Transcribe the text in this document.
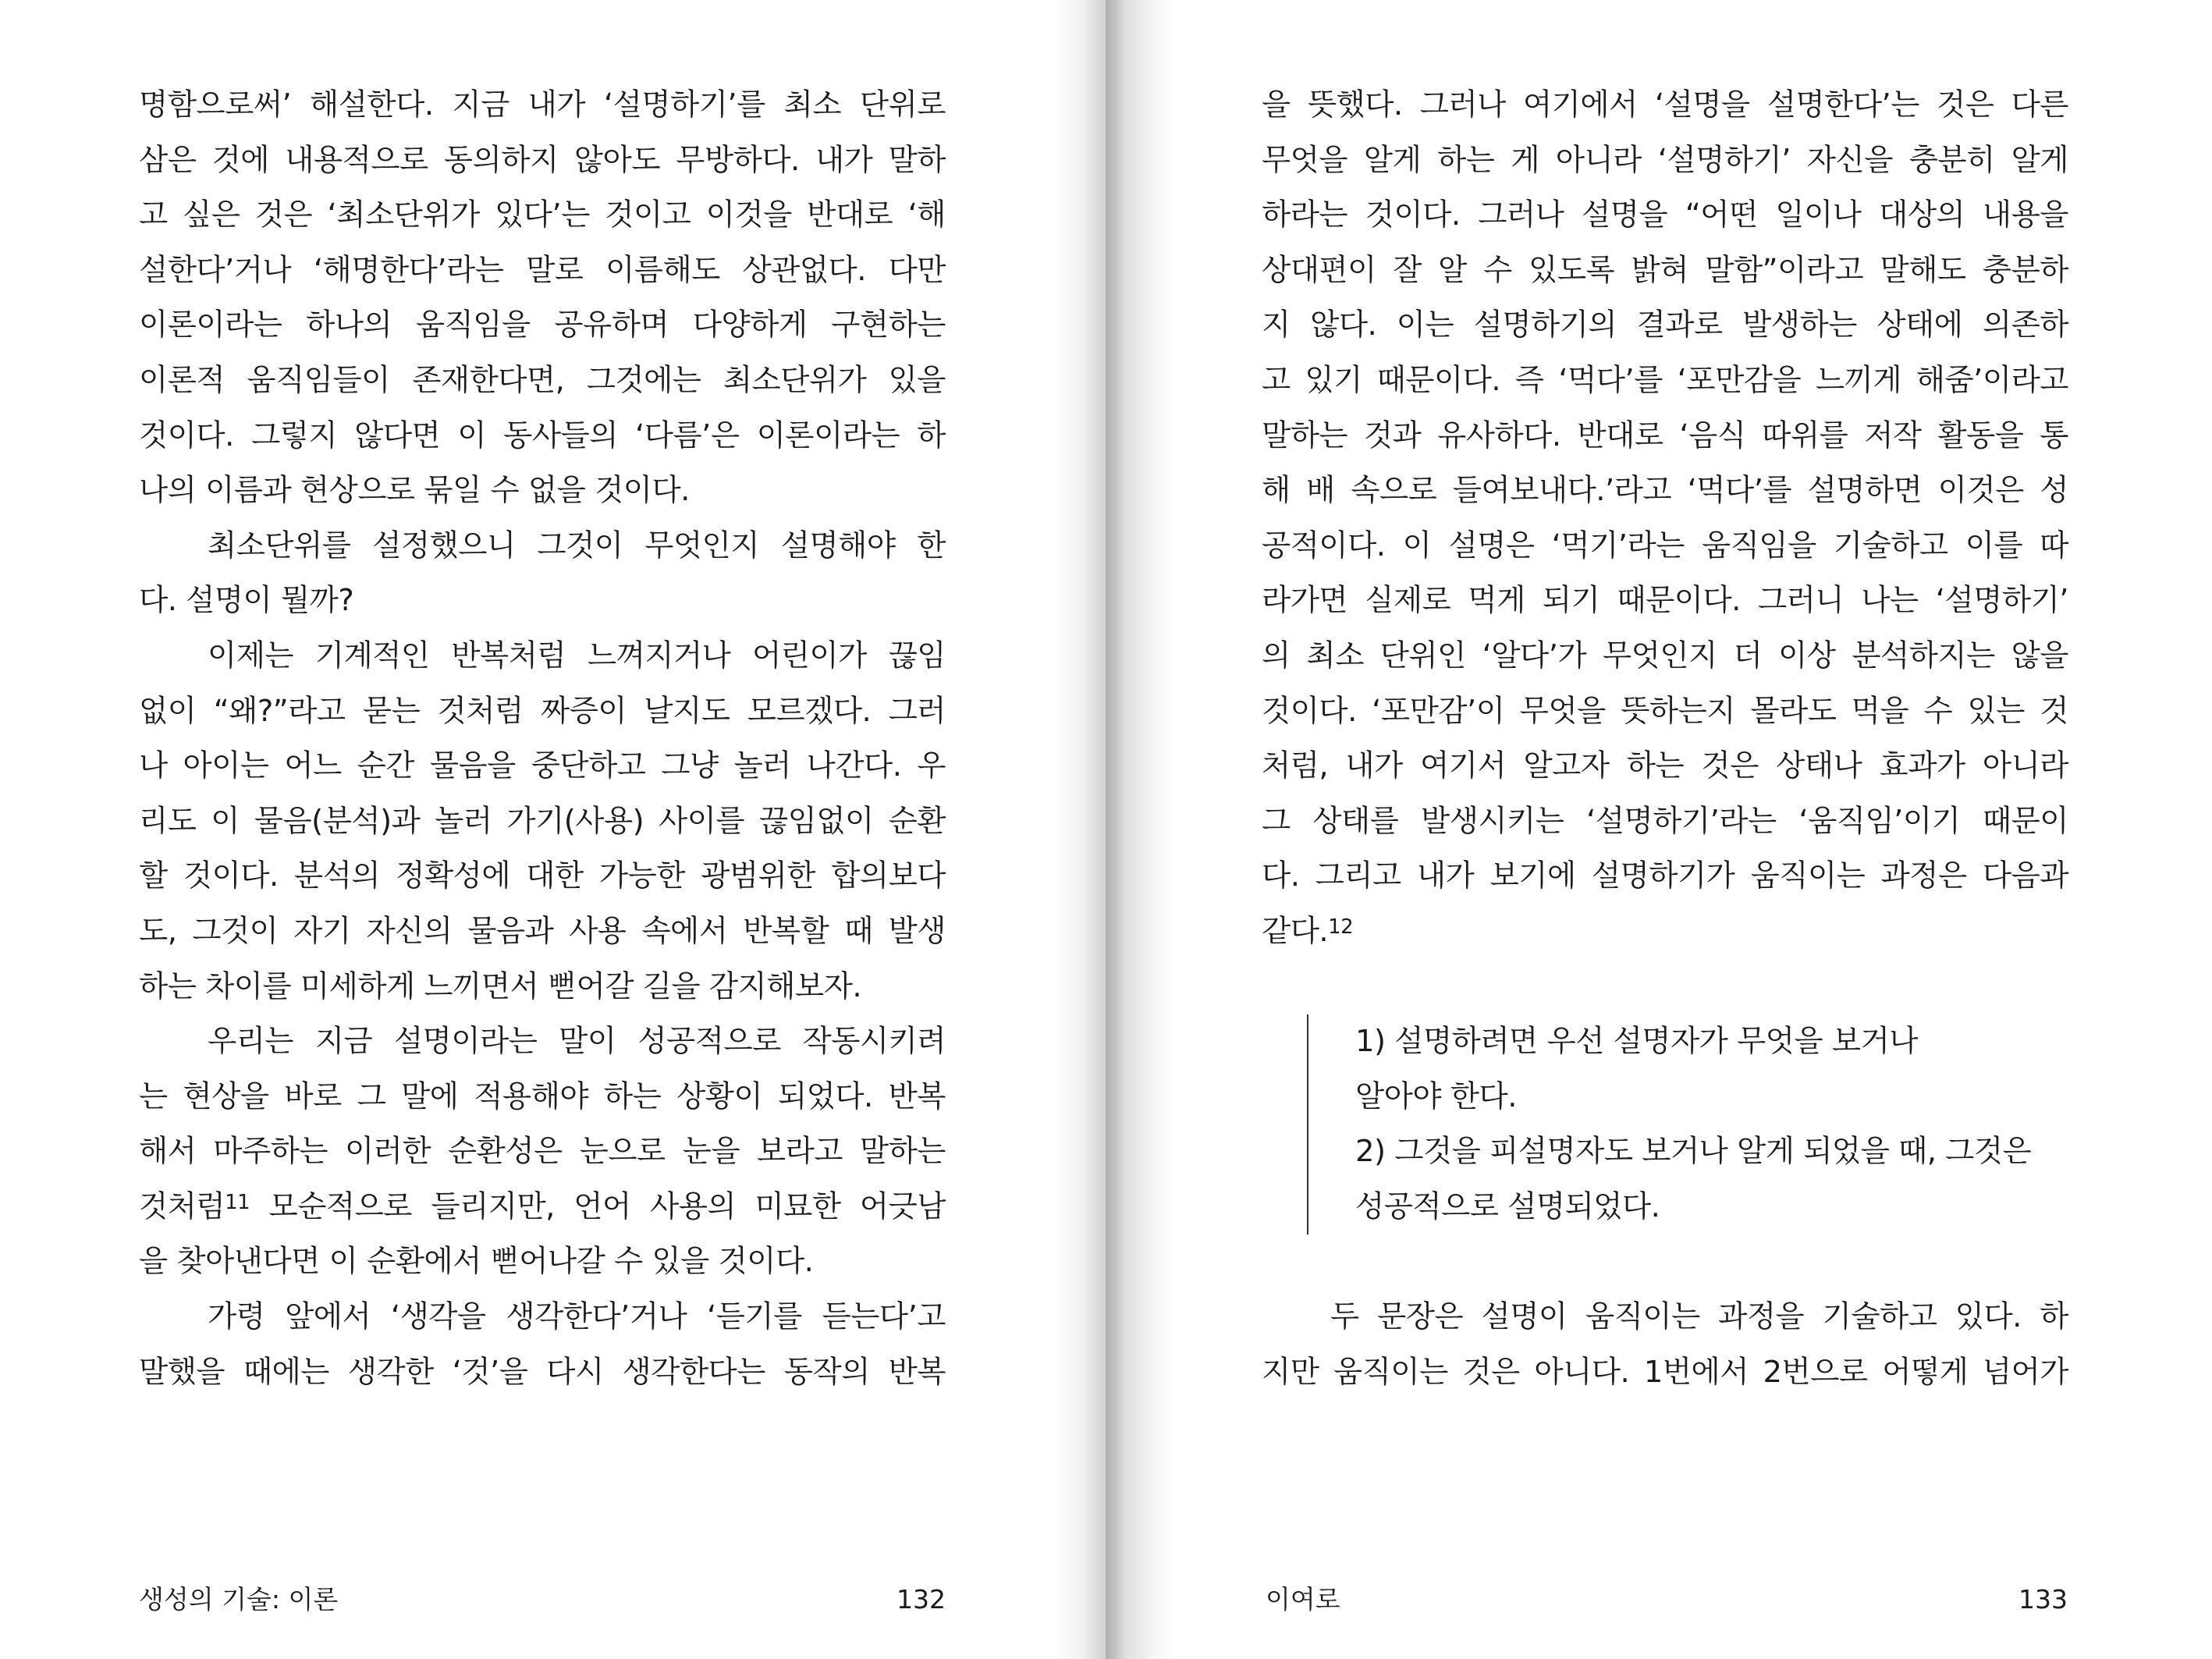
명함으로써’ 해설한다. 지금 내가 ‘설명하기’를 최소 단위로
삼은 것에 내용적으로 동의하지 않아도 무방하다. 내가 말하
고 싶은 것은 ‘최소단위가 있다’는 것이고 이것을 반대로 ‘해
설한다’거나 ‘해명한다’라는 말로 이름해도 상관없다. 다만
이론이라는 하나의 움직임을 공유하며 다양하게 구현하는
이론적 움직임들이 존재한다면, 그것에는 최소단위가 있을
것이다. 그렇지 않다면 이 동사들의 ‘다름’은 이론이라는 하
나의 이름과 현상으로 묶일 수 없을 것이다.
최소단위를 설정했으니 그것이 무엇인지 설명해야 한
다. 설명이 뭘까?
이제는 기계적인 반복처럼 느껴지거나 어린이가 끊임
없이 “왜?”라고 묻는 것처럼 짜증이 날지도 모르겠다. 그러
나 아이는 어느 순간 물음을 중단하고 그냥 놀러 나간다. 우
리도 이 물음(분석)과 놀러 가기(사용) 사이를 끊임없이 순환
할 것이다. 분석의 정확성에 대한 가능한 광범위한 합의보다
도, 그것이 자기 자신의 물음과 사용 속에서 반복할 때 발생
하는 차이를 미세하게 느끼면서 뻗어갈 길을 감지해보자.
우리는 지금 설명이라는 말이 성공적으로 작동시키려
는 현상을 바로 그 말에 적용해야 하는 상황이 되었다. 반복
해서 마주하는 이러한 순환성은 눈으로 눈을 보라고 말하는
것처럼$^{11}$ 모순적으로 들리지만, 언어 사용의 미묘한 어긋남
을 찾아낸다면 이 순환에서 뻗어나갈 수 있을 것이다.
가령 앞에서 ‘생각을 생각한다’거나 ‘듣기를 듣는다’고
말했을 때에는 생각한 ‘것’을 다시 생각한다는 동작의 반복
생성의 기술: 이론	132
을 뜻했다. 그러나 여기에서 ‘설명을 설명한다’는 것은 다른
무엇을 알게 하는 게 아니라 ‘설명하기’ 자신을 충분히 알게
하라는 것이다. 그러나 설명을 “어떤 일이나 대상의 내용을
상대편이 잘 알 수 있도록 밝혀 말함”이라고 말해도 충분하
지 않다. 이는 설명하기의 결과로 발생하는 상태에 의존하
고 있기 때문이다. 즉 ‘먹다’를 ‘포만감을 느끼게 해줌’이라고
말하는 것과 유사하다. 반대로 ‘음식 따위를 저작 활동을 통
해 배 속으로 들여보내다.’라고 ‘먹다’를 설명하면 이것은 성
공적이다. 이 설명은 ‘먹기’라는 움직임을 기술하고 이를 따
라가면 실제로 먹게 되기 때문이다. 그러니 나는 ‘설명하기’
의 최소 단위인 ‘알다’가 무엇인지 더 이상 분석하지는 않을
것이다. ‘포만감’이 무엇을 뜻하는지 몰라도 먹을 수 있는 것
처럼, 내가 여기서 알고자 하는 것은 상태나 효과가 아니라
그 상태를 발생시키는 ‘설명하기’라는 ‘움직임’이기 때문이
다. 그리고 내가 보기에 설명하기가 움직이는 과정은 다음과
같다.$^{12}$
1) 설명하려면 우선 설명자가 무엇을 보거나
알아야 한다.
2) 그것을 피설명자도 보거나 알게 되었을 때, 그것은
성공적으로 설명되었다.
두 문장은 설명이 움직이는 과정을 기술하고 있다. 하
지만 움직이는 것은 아니다. 1번에서 2번으로 어떻게 넘어가
이여로	133
